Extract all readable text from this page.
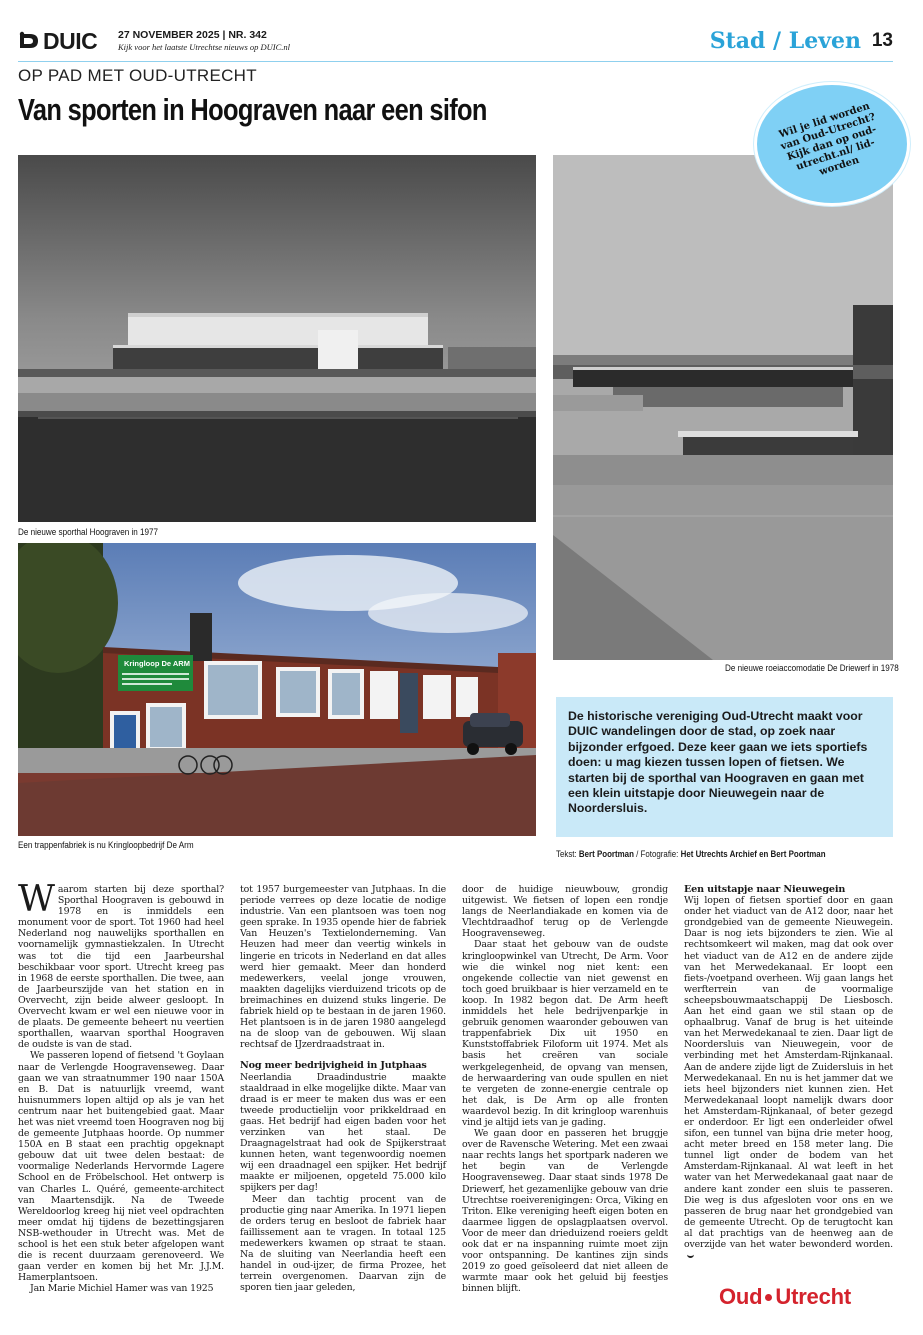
DUIC 27 NOVEMBER 2025 | NR. 342
Kijk voor het laatste Utrechtse nieuws op DUIC.nl	Stad / Leven 13
OP PAD MET OUD-UTRECHT
Van sporten in Hoograven naar een sifon
De nieuwe sporthal Hoograven in 1977
Kringloop De ARM
Een trappenfabriek is nu Kringloopbedrijf De Arm
De nieuwe roeiaccomodatie De Driewerf in 1978
Wil je lid worden van Oud-Utrecht? Kijk dan op oud-utrecht.nl/ lid-worden
De historische vereniging Oud-Utrecht maakt voor DUIC wandelingen door de stad, op zoek naar bijzonder erfgoed. Deze keer gaan we iets sportiefs doen: u mag kiezen tussen lopen of fietsen. We starten bij de sporthal van Hoograven en gaan met een klein uitstapje door Nieuwegein naar de Noordersluis.
Tekst: Bert Poortman / Fotografie: Het Utrechts Archief en Bert Poortman

Waarom starten bij deze sporthal? Sporthal Hoograven is gebouwd in 1978 en is inmiddels een monument voor de sport. Tot 1960 had heel Nederland nog nauwelijks sporthallen en voornamelijk gymnastiekzalen. In Utrecht was tot die tijd een Jaarbeurshal beschikbaar voor sport. Utrecht kreeg pas in 1968 de eerste sporthallen. Die twee, aan de Jaarbeurszijde van het station en in Overvecht, zijn beide alweer gesloopt. In Overvecht kwam er wel een nieuwe voor in de plaats. De gemeente beheert nu veertien sporthallen, waarvan sporthal Hoograven de oudste is van de stad.

We passeren lopend of fietsend 't Goylaan naar de Verlengde Hoogravenseweg. Daar gaan we van straatnummer 190 naar 150A en B. Dat is natuurlijk vreemd, want huisnummers lopen altijd op als je van het centrum naar het buitengebied gaat. Maar het was niet vreemd toen Hoograven nog bij de gemeente Jutphaas hoorde. Op nummer 150A en B staat een prachtig opgeknapt gebouw dat uit twee delen bestaat: de voormalige Nederlands Hervormde Lagere School en de Fröbelschool. Het ontwerp is van Charles L. Quéré, gemeente-architect van Maartensdijk. Na de Tweede Wereldoorlog kreeg hij niet veel opdrachten meer omdat hij tijdens de bezettingsjaren NSB-wethouder in Utrecht was. Met de school is het een stuk beter afgelopen want die is recent duurzaam gerenoveerd. We gaan verder en komen bij het Mr. J.J.M. Hamerplantsoen.

Jan Marie Michiel Hamer was van 1925

tot 1957 burgemeester van Jutphaas. In die periode verrees op deze locatie de nodige industrie. Van een plantsoen was toen nog geen sprake. In 1935 opende hier de fabriek Van Heuzen's Textielonderneming. Van Heuzen had meer dan veertig winkels in lingerie en tricots in Nederland en dat alles werd hier gemaakt. Meer dan honderd medewerkers, veelal jonge vrouwen, maakten dagelijks vierduizend tricots op de breimachines en duizend stuks lingerie. De fabriek hield op te bestaan in de jaren 1960. Het plantsoen is in de jaren 1980 aangelegd na de sloop van de gebouwen. Wij slaan rechtsaf de IJzerdraadstraat in.

Nog meer bedrijvigheid in Jutphaas

Neerlandia Draadindustrie maakte staaldraad in elke mogelijke dikte. Maar van draad is er meer te maken dus was er een tweede productielijn voor prikkeldraad en gaas. Het bedrijf had eigen baden voor het verzinken van het staal. De Draagnagelstraat had ook de Spijkerstraat kunnen heten, want tegenwoordig noemen wij een draadnagel een spijker. Het bedrijf maakte er miljoenen, opgeteld 75.000 kilo spijkers per dag!

Meer dan tachtig procent van de productie ging naar Amerika. In 1971 liepen de orders terug en besloot de fabriek haar faillissement aan te vragen. In totaal 125 medewerkers kwamen op straat te staan. Na de sluiting van Neerlandia heeft een handel in oud-ijzer, de firma Prozee, het terrein overgenomen. Daarvan zijn de sporen tien jaar geleden,

door de huidige nieuwbouw, grondig uitgewist. We fietsen of lopen een rondje langs de Neerlandiakade en komen via de Vlechtdraadhof terug op de Verlengde Hoogravenseweg.

Daar staat het gebouw van de oudste kringloopwinkel van Utrecht, De Arm. Voor wie die winkel nog niet kent: een ongekende collectie van niet gewenst en toch goed bruikbaar is hier verzameld en te koop. In 1982 begon dat. De Arm heeft inmiddels het hele bedrijvenparkje in gebruik genomen waaronder gebouwen van trappenfabriek Dix uit 1950 en Kunststoffabriek Filoform uit 1974. Met als basis het creëren van sociale werkgelegenheid, de opvang van mensen, de herwaardering van oude spullen en niet te vergeten de zonne-energie centrale op het dak, is De Arm op alle fronten waardevol bezig. In dit kringloop warenhuis vind je altijd iets van je gading.

We gaan door en passeren het bruggje over de Ravensche Wetering. Met een zwaai naar rechts langs het sportpark naderen we het begin van de Verlengde Hoogravenseweg. Daar staat sinds 1978 De Driewerf, het gezamenlijke gebouw van drie Utrechtse roeiverenigingen: Orca, Viking en Triton. Elke vereniging heeft eigen boten en daarmee liggen de opslagplaatsen overvol. Voor de meer dan drieduizend roeiers geldt ook dat er na inspanning ruimte moet zijn voor ontspanning. De kantines zijn sinds 2019 zo goed geïsoleerd dat niet alleen de warmte maar ook het geluid bij feestjes binnen blijft.

Een uitstapje naar Nieuwegein

Wij lopen of fietsen sportief door en gaan onder het viaduct van de A12 door, naar het grondgebied van de gemeente Nieuwegein. Daar is nog iets bijzonders te zien. Wie al rechtsomkeert wil maken, mag dat ook over het viaduct van de A12 en de andere zijde van het Merwedekanaal. Er loopt een fiets-/voetpand overheen. Wij gaan langs het werfterrein van de voormalige scheepsbouwmaatschappij De Liesbosch. Aan het eind gaan we stil staan op de ophaalbrug. Vanaf de brug is het uiteinde van het Merwedekanaal te zien. Daar ligt de Noordersluis van Nieuwegein, voor de verbinding met het Amsterdam-Rijnkanaal. Aan de andere zijde ligt de Zuidersluis in het Merwedekanaal. En nu is het jammer dat we iets heel bijzonders niet kunnen zien. Het Merwedekanaal loopt namelijk dwars door het Amsterdam-Rijnkanaal, of beter gezegd er onderdoor. Er ligt een onderleider ofwel sifon, een tunnel van bijna drie meter hoog, acht meter breed en 158 meter lang. Die tunnel ligt onder de bodem van het Amsterdam-Rijnkanaal. Al wat leeft in het water van het Merwedekanaal gaat naar de andere kant zonder een sluis te passeren. Die weg is dus afgesloten voor ons en we passeren de brug naar het grondgebied van de gemeente Utrecht. Op de terugtocht kan al dat prachtigs van de heenweg aan de overzijde van het water bewonderd worden.

Oud Utrecht
